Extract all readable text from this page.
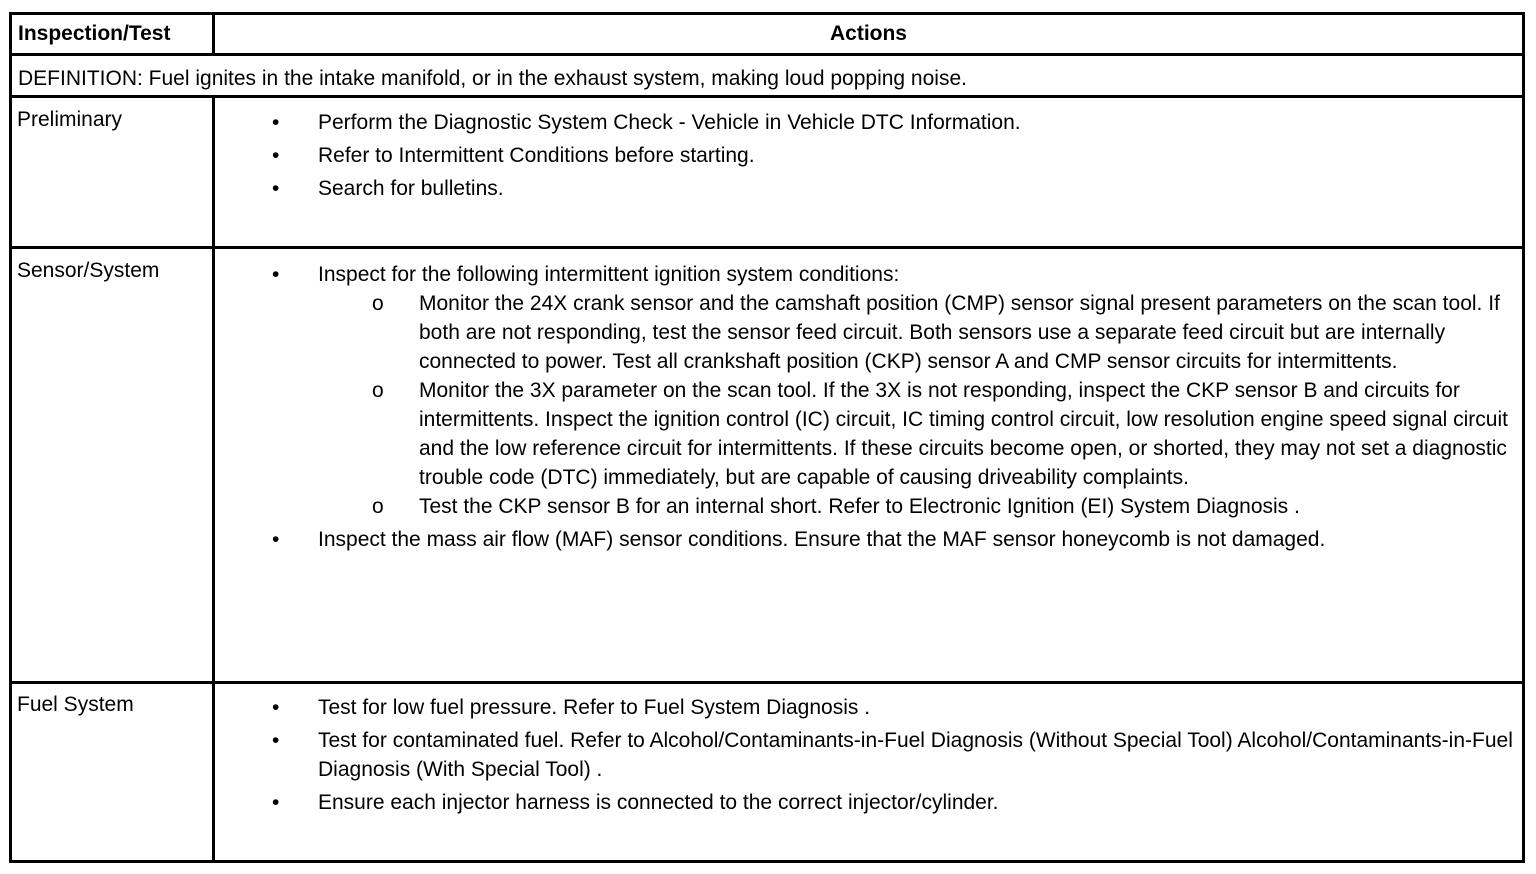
Inspection/Test	Actions
DEFINITION: Fuel ignites in the intake manifold, or in the exhaust system, making loud popping noise.
Preliminary	• Perform the Diagnostic System Check - Vehicle in Vehicle DTC Information.
• Refer to Intermittent Conditions before starting.
• Search for bulletins.
Sensor/System	• Inspect for the following intermittent ignition system conditions:
o Monitor the 24X crank sensor and the camshaft position (CMP) sensor signal present parameters on the scan tool. If both are not responding, test the sensor feed circuit. Both sensors use a separate feed circuit but are internally connected to power. Test all crankshaft position (CKP) sensor A and CMP sensor circuits for intermittents.
o Monitor the 3X parameter on the scan tool. If the 3X is not responding, inspect the CKP sensor B and circuits for intermittents. Inspect the ignition control (IC) circuit, IC timing control circuit, low resolution engine speed signal circuit and the low reference circuit for intermittents. If these circuits become open, or shorted, they may not set a diagnostic trouble code (DTC) immediately, but are capable of causing driveability complaints.
o Test the CKP sensor B for an internal short. Refer to Electronic Ignition (EI) System Diagnosis .
• Inspect the mass air flow (MAF) sensor conditions. Ensure that the MAF sensor honeycomb is not damaged.
Fuel System	• Test for low fuel pressure. Refer to Fuel System Diagnosis .
• Test for contaminated fuel. Refer to Alcohol/Contaminants-in-Fuel Diagnosis (Without Special Tool) Alcohol/Contaminants-in-Fuel Diagnosis (With Special Tool) .
• Ensure each injector harness is connected to the correct injector/cylinder.
